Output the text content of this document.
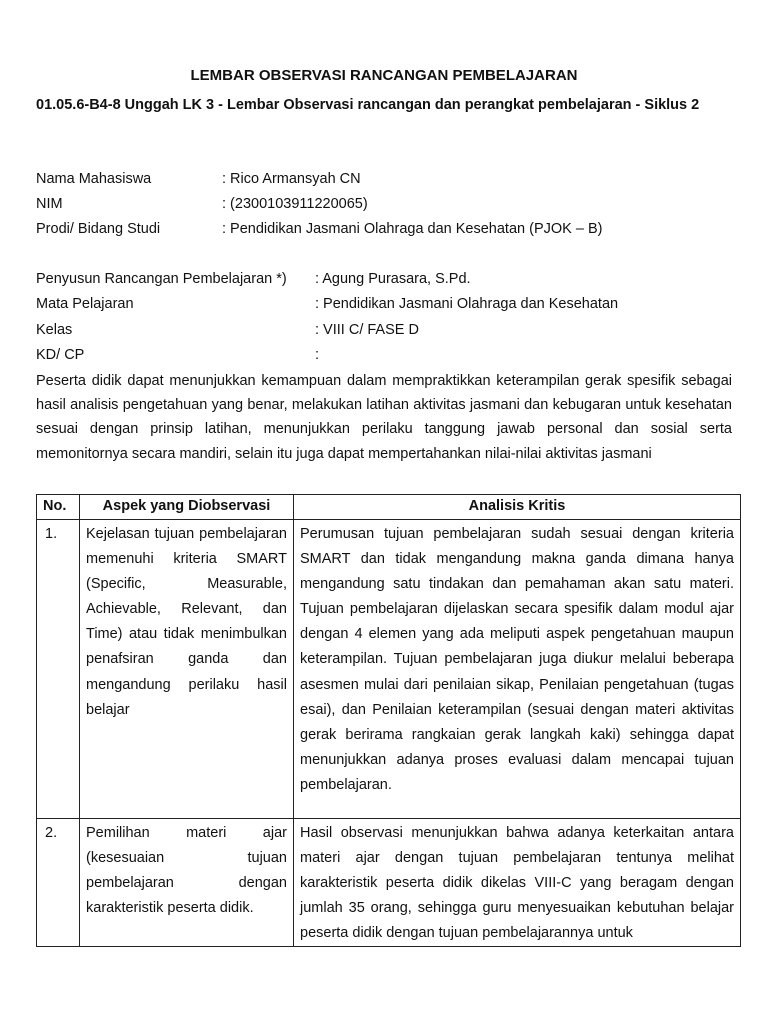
LEMBAR OBSERVASI RANCANGAN PEMBELAJARAN
01.05.6-B4-8 Unggah LK 3 - Lembar Observasi rancangan dan perangkat pembelajaran - Siklus 2
Nama Mahasiswa	: Rico Armansyah CN
NIM	: (2300103911220065)
Prodi/ Bidang Studi	: Pendidikan Jasmani Olahraga dan Kesehatan (PJOK – B)
Penyusun Rancangan Pembelajaran *) : Agung Purasara, S.Pd.
Mata Pelajaran	: Pendidikan Jasmani Olahraga dan Kesehatan
Kelas	: VIII C/ FASE D
KD/ CP	:
Peserta didik dapat menunjukkan kemampuan dalam mempraktikkan keterampilan gerak spesifik sebagai hasil analisis pengetahuan yang benar, melakukan latihan aktivitas jasmani dan kebugaran untuk kesehatan sesuai dengan prinsip latihan, menunjukkan perilaku tanggung jawab personal dan sosial serta memonitornya secara mandiri, selain itu juga dapat mempertahankan nilai-nilai aktivitas jasmani
No.	Aspek yang Diobservasi	Analisis Kritis
1.	Kejelasan tujuan pembelajaran memenuhi kriteria SMART (Specific, Measurable, Achievable, Relevant, dan Time) atau tidak menimbulkan penafsiran ganda dan mengandung perilaku hasil belajar	Perumusan tujuan pembelajaran sudah sesuai dengan kriteria SMART dan tidak mengandung makna ganda dimana hanya mengandung satu tindakan dan pemahaman akan satu materi. Tujuan pembelajaran dijelaskan secara spesifik dalam modul ajar dengan 4 elemen yang ada meliputi aspek pengetahuan maupun keterampilan. Tujuan pembelajaran juga diukur melalui beberapa asesmen mulai dari penilaian sikap, Penilaian pengetahuan (tugas esai), dan Penilaian keterampilan (sesuai dengan materi aktivitas gerak berirama rangkaian gerak langkah kaki) sehingga dapat menunjukkan adanya proses evaluasi dalam mencapai tujuan pembelajaran.
2.	Pemilihan materi ajar (kesesuaian tujuan pembelajaran dengan karakteristik peserta didik.	Hasil observasi menunjukkan bahwa adanya keterkaitan antara materi ajar dengan tujuan pembelajaran tentunya melihat karakteristik peserta didik dikelas VIII-C yang beragam dengan jumlah 35 orang, sehingga guru menyesuaikan kebutuhan belajar peserta didik dengan tujuan pembelajarannya untuk
